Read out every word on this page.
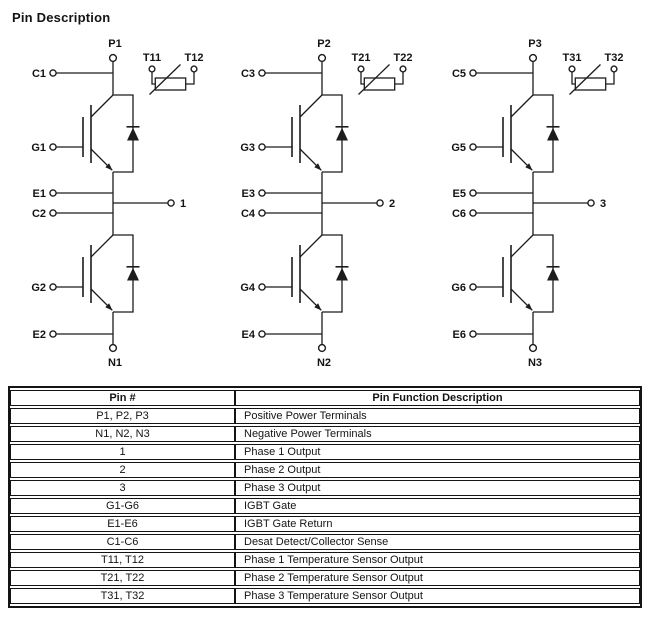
Pin Description
P1
T11 T12
C1
G1
E1
1
C2
G2
E2
N1
P2
T21 T22
C3
G3
E3
2
C4
G4
E4
N2
P3
T31 T32
C5
G5
E5
3
C6
G6
E6
N3
Pin #	Pin Function Description
P1, P2, P3	Positive Power Terminals
N1, N2, N3	Negative Power Terminals
1	Phase 1 Output
2	Phase 2 Output
3	Phase 3 Output
G1-G6	IGBT Gate
E1-E6	IGBT Gate Return
C1-C6	Desat Detect/Collector Sense
T11, T12	Phase 1 Temperature Sensor Output
T21, T22	Phase 2 Temperature Sensor Output
T31, T32	Phase 3 Temperature Sensor Output
